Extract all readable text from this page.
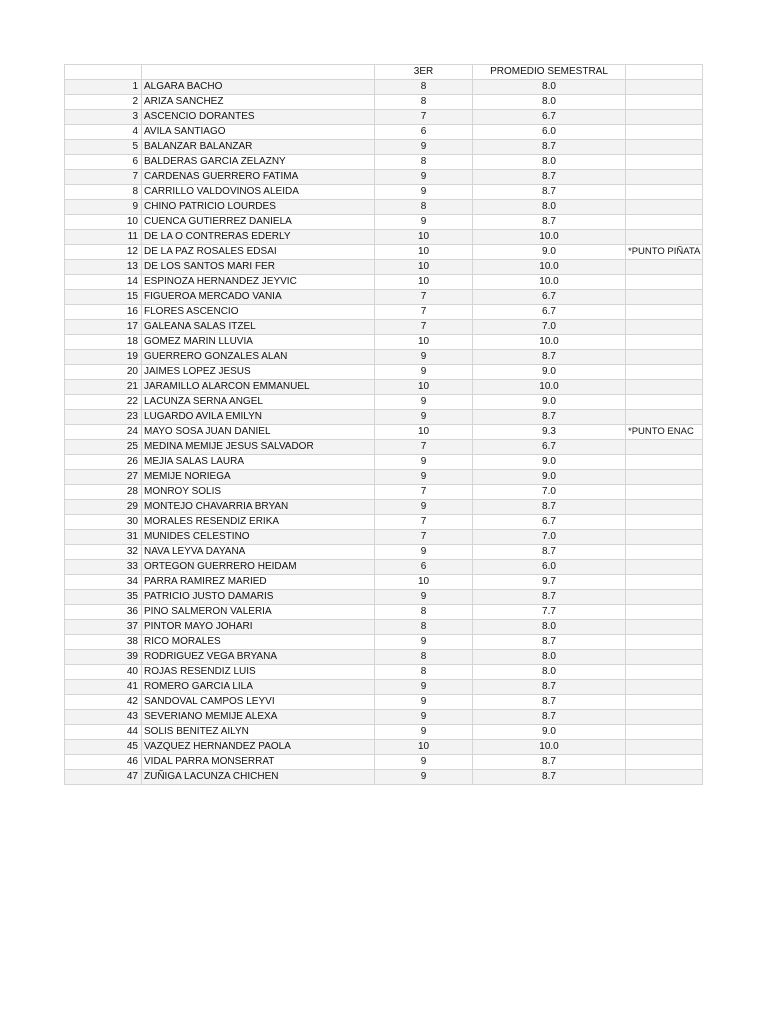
		3ER	PROMEDIO SEMESTRAL	
1	ALGARA BACHO	8	8.0	
2	ARIZA SANCHEZ	8	8.0	
3	ASCENCIO DORANTES	7	6.7	
4	AVILA SANTIAGO	6	6.0	
5	BALANZAR BALANZAR	9	8.7	
6	BALDERAS GARCIA ZELAZNY	8	8.0	
7	CARDENAS GUERRERO FATIMA	9	8.7	
8	CARRILLO VALDOVINOS ALEIDA	9	8.7	
9	CHINO PATRICIO LOURDES	8	8.0	
10	CUENCA GUTIERREZ DANIELA	9	8.7	
11	DE LA O CONTRERAS EDERLY	10	10.0	
12	DE LA PAZ ROSALES EDSAI	10	9.0	*PUNTO PIÑATA
13	DE LOS SANTOS MARI FER	10	10.0	
14	ESPINOZA HERNANDEZ JEYVIC	10	10.0	
15	FIGUEROA MERCADO VANIA	7	6.7	
16	FLORES ASCENCIO	7	6.7	
17	GALEANA SALAS ITZEL	7	7.0	
18	GOMEZ MARIN LLUVIA	10	10.0	
19	GUERRERO GONZALES ALAN	9	8.7	
20	JAIMES LOPEZ JESUS	9	9.0	
21	JARAMILLO ALARCON EMMANUEL	10	10.0	
22	LACUNZA SERNA ANGEL	9	9.0	
23	LUGARDO AVILA EMILYN	9	8.7	
24	MAYO SOSA JUAN DANIEL	10	9.3	*PUNTO ENAC
25	MEDINA MEMIJE JESUS SALVADOR	7	6.7	
26	MEJIA SALAS LAURA	9	9.0	
27	MEMIJE NORIEGA	9	9.0	
28	MONROY SOLIS	7	7.0	
29	MONTEJO CHAVARRIA BRYAN	9	8.7	
30	MORALES RESENDIZ ERIKA	7	6.7	
31	MUNIDES CELESTINO	7	7.0	
32	NAVA LEYVA DAYANA	9	8.7	
33	ORTEGON GUERRERO HEIDAM	6	6.0	
34	PARRA RAMIREZ MARIED	10	9.7	
35	PATRICIO JUSTO DAMARIS	9	8.7	
36	PINO SALMERON VALERIA	8	7.7	
37	PINTOR MAYO JOHARI	8	8.0	
38	RICO MORALES	9	8.7	
39	RODRIGUEZ VEGA BRYANA	8	8.0	
40	ROJAS RESENDIZ LUIS	8	8.0	
41	ROMERO GARCIA LILA	9	8.7	
42	SANDOVAL CAMPOS LEYVI	9	8.7	
43	SEVERIANO MEMIJE ALEXA	9	8.7	
44	SOLIS BENITEZ AILYN	9	9.0	
45	VAZQUEZ HERNANDEZ PAOLA	10	10.0	
46	VIDAL PARRA MONSERRAT	9	8.7	
47	ZUÑIGA LACUNZA CHICHEN	9	8.7	
